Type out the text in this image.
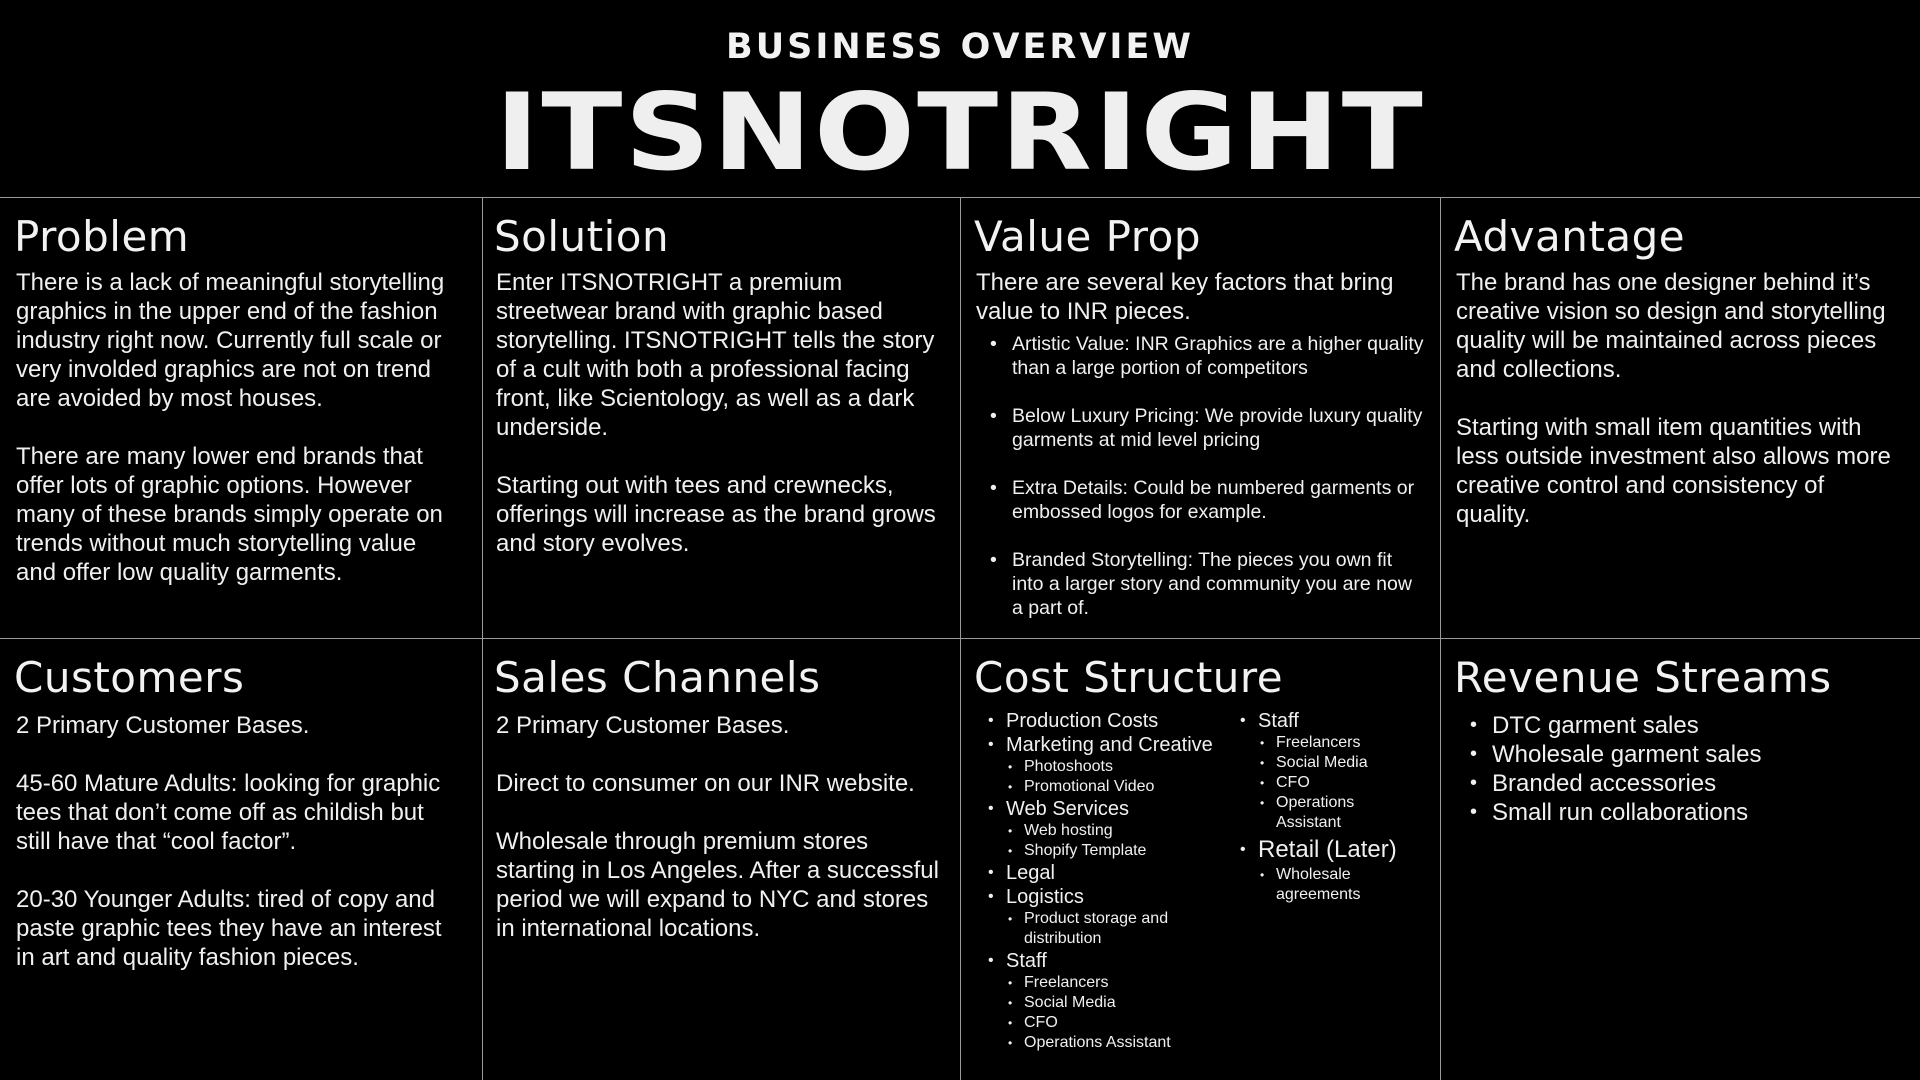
BUSINESS OVERVIEW
ITSNOTRIGHT
Problem

There is a lack of meaningful storytelling graphics in the upper end of the fashion industry right now. Currently full scale or very involded graphics are not on trend are avoided by most houses.

There are many lower end brands that offer lots of graphic options. However many of these brands simply operate on trends without much storytelling value and offer low quality garments.

Solution

Enter ITSNOTRIGHT a premium streetwear brand with graphic based storytelling. ITSNOTRIGHT tells the story of a cult with both a professional facing front, like Scientology, as well as a dark underside.

Starting out with tees and crewnecks, offerings will increase as the brand grows and story evolves.

Value Prop

There are several key factors that bring value to INR pieces.

• Artistic Value: INR Graphics are a higher quality than a large portion of competitors
• Below Luxury Pricing: We provide luxury quality garments at mid level pricing
• Extra Details: Could be numbered garments or embossed logos for example.
• Branded Storytelling: The pieces you own fit into a larger story and community you are now a part of.
Advantage

The brand has one designer behind it’s creative vision so design and storytelling quality will be maintained across pieces and collections.

Starting with small item quantities with less outside investment also allows more creative control and consistency of quality.

Customers

2 Primary Customer Bases.

45-60 Mature Adults: looking for graphic tees that don’t come off as childish but still have that “cool factor”.

20-30 Younger Adults: tired of copy and paste graphic tees they have an interest in art and quality fashion pieces.

Sales Channels

2 Primary Customer Bases.

Direct to consumer on our INR website.

Wholesale through premium stores starting in Los Angeles. After a successful period we will expand to NYC and stores in international locations.

Cost Structure
• Production Costs
• Marketing and Creative
• Photoshoots
• Promotional Video
• Web Services
• Web hosting
• Shopify Template
• Legal
• Logistics
• Product storage and distribution
• Staff
• Freelancers
• Social Media
• CFO
• Operations Assistant
• Staff
• Freelancers
• Social Media
• CFO
• Operations Assistant
• Retail (Later)
• Wholesale agreements
Revenue Streams
• DTC garment sales
• Wholesale garment sales
• Branded accessories
• Small run collaborations
